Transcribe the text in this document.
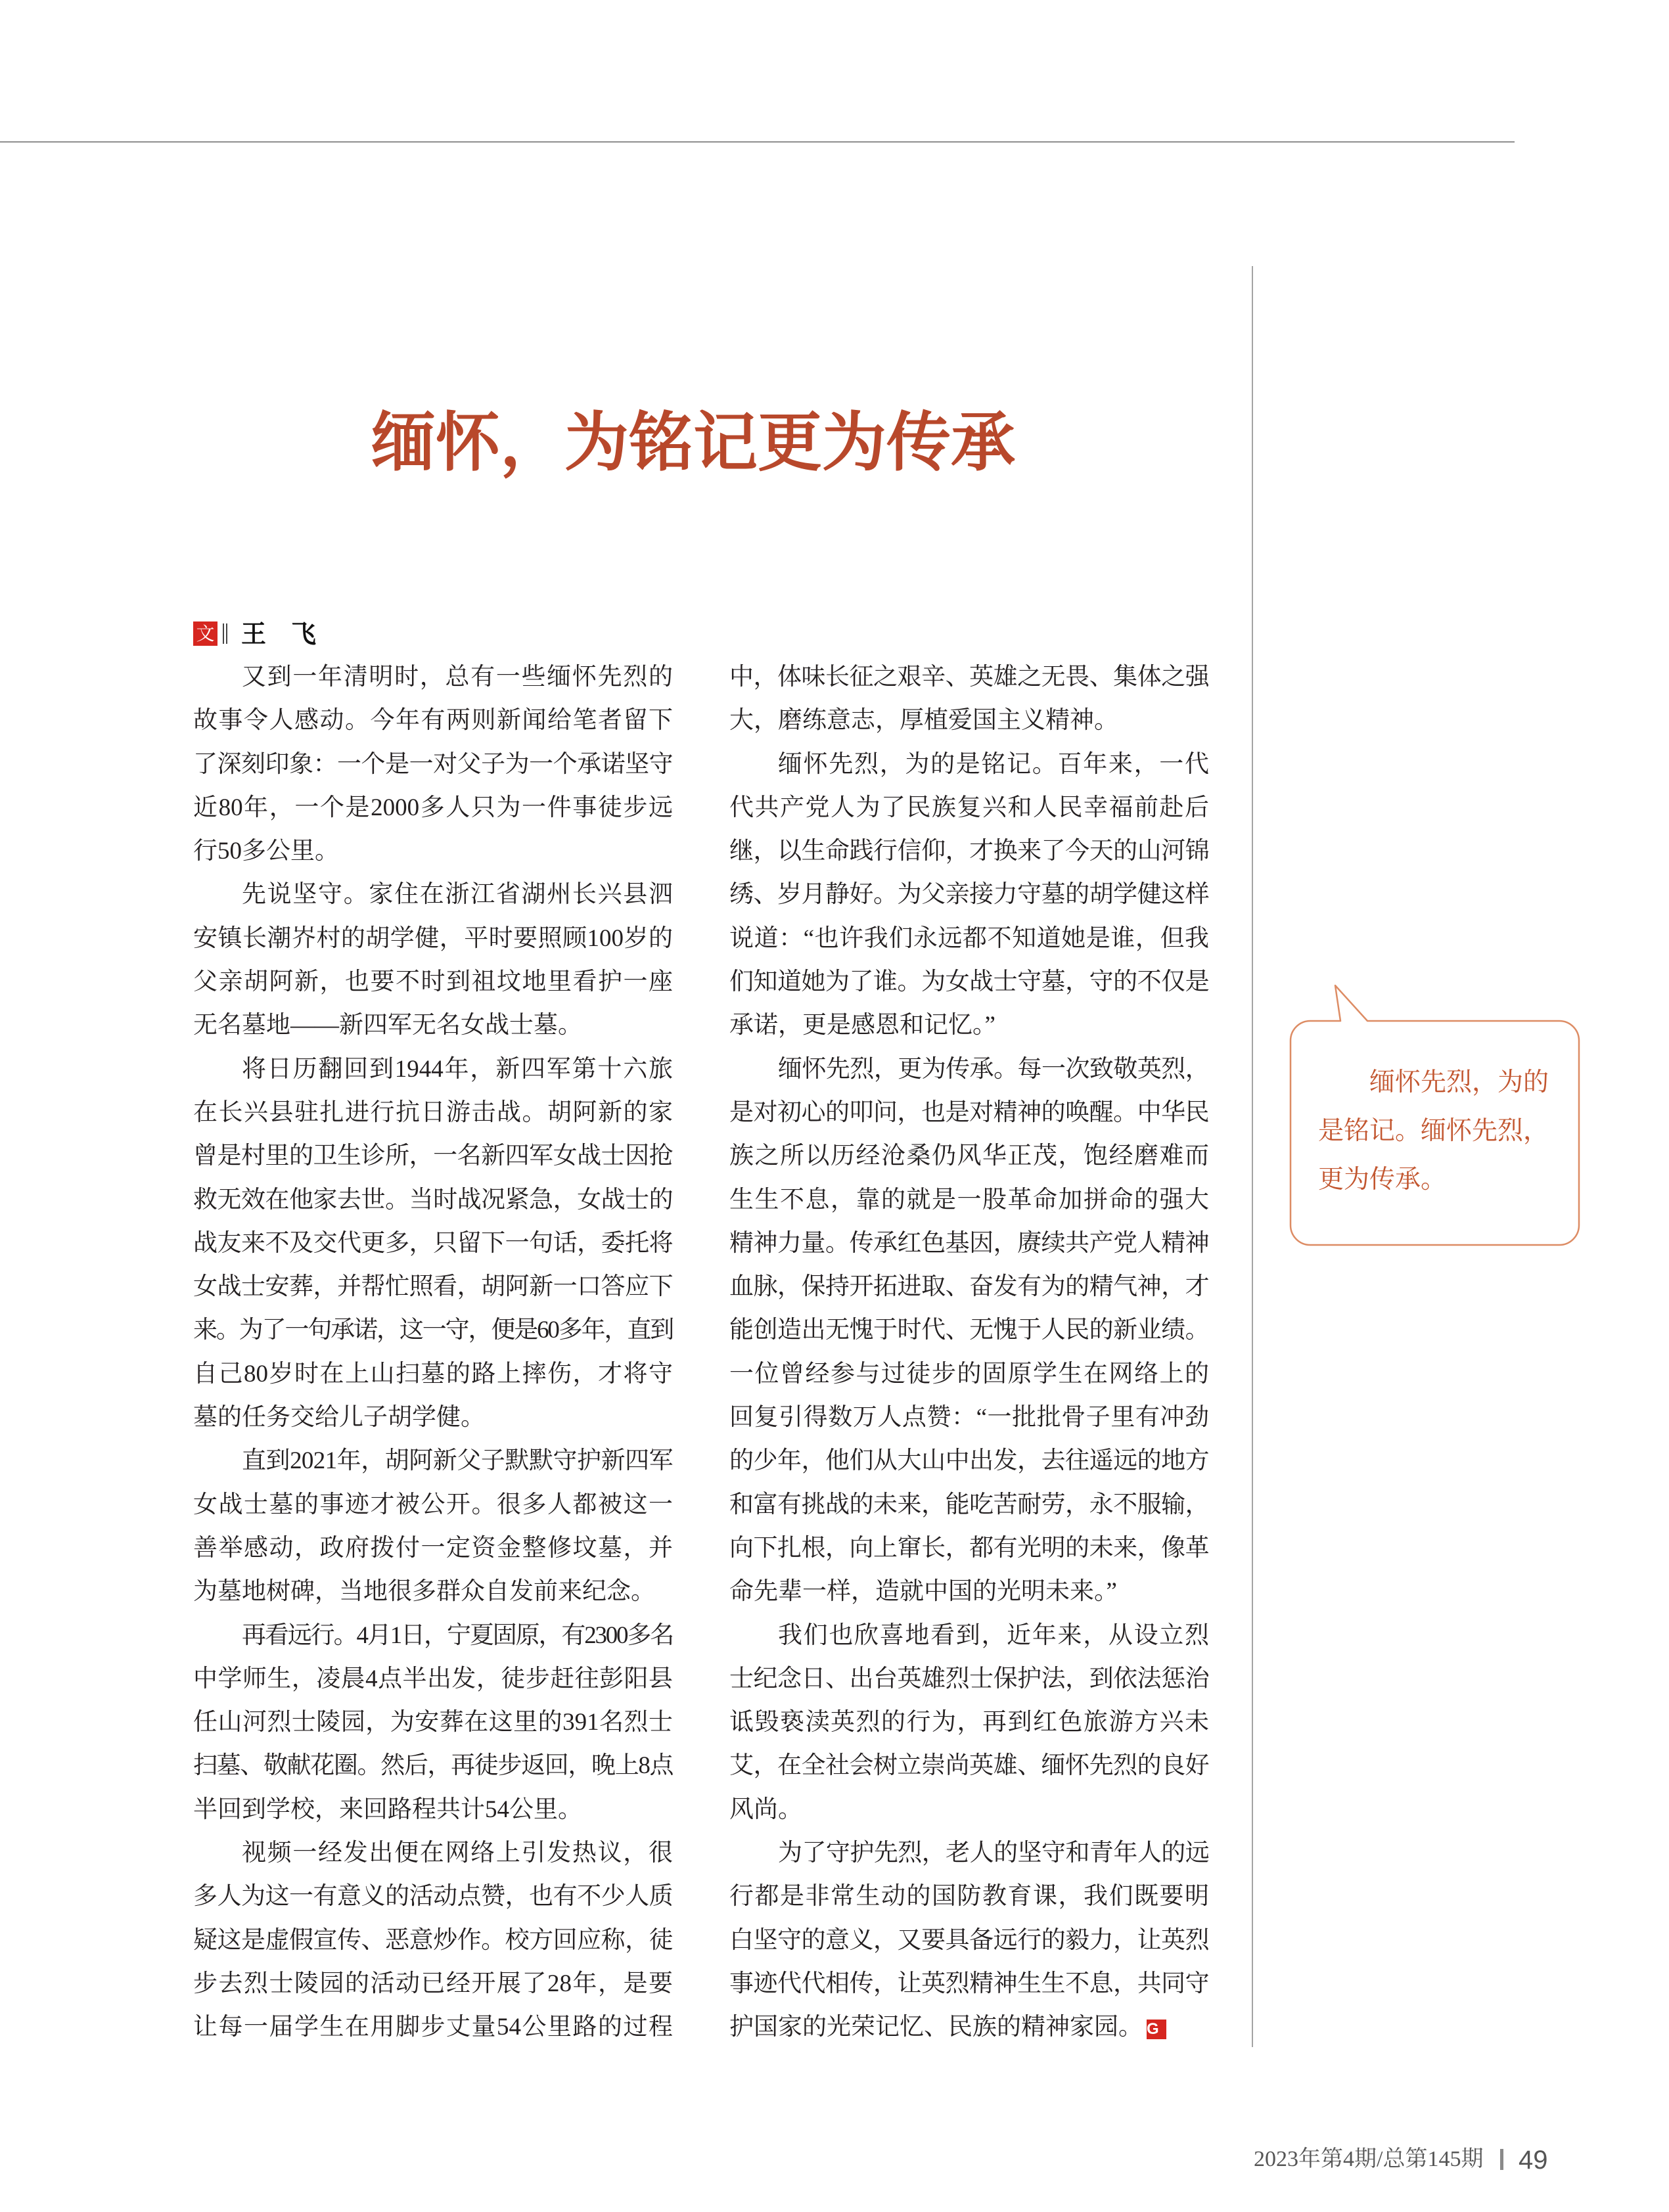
缅怀，为铭记更为传承
文 王　飞
又到一年清明时，总有一些缅怀先烈的
故事令人感动。今年有两则新闻给笔者留下
了深刻印象：一个是一对父子为一个承诺坚守
近80年，一个是2000多人只为一件事徒步远
行50多公里。
先说坚守。家住在浙江省湖州长兴县泗
安镇长潮岕村的胡学健，平时要照顾100岁的
父亲胡阿新，也要不时到祖坟地里看护一座
无名墓地——新四军无名女战士墓。
将日历翻回到1944年，新四军第十六旅
在长兴县驻扎进行抗日游击战。胡阿新的家
曾是村里的卫生诊所，一名新四军女战士因抢
救无效在他家去世。当时战况紧急，女战士的
战友来不及交代更多，只留下一句话，委托将
女战士安葬，并帮忙照看，胡阿新一口答应下
来。为了一句承诺，这一守，便是60多年，直到
自己80岁时在上山扫墓的路上摔伤，才将守
墓的任务交给儿子胡学健。
直到2021年，胡阿新父子默默守护新四军
女战士墓的事迹才被公开。很多人都被这一
善举感动，政府拨付一定资金整修坟墓，并
为墓地树碑，当地很多群众自发前来纪念。
再看远行。4月1日，宁夏固原，有2300多名
中学师生，凌晨4点半出发，徒步赶往彭阳县
任山河烈士陵园，为安葬在这里的391名烈士
扫墓、敬献花圈。然后，再徒步返回，晚上8点
半回到学校，来回路程共计54公里。
视频一经发出便在网络上引发热议，很
多人为这一有意义的活动点赞，也有不少人质
疑这是虚假宣传、恶意炒作。校方回应称，徒
步去烈士陵园的活动已经开展了28年，是要
让每一届学生在用脚步丈量54公里路的过程
中，体味长征之艰辛、英雄之无畏、集体之强
大，磨练意志，厚植爱国主义精神。
缅怀先烈，为的是铭记。百年来，一代
代共产党人为了民族复兴和人民幸福前赴后
继，以生命践行信仰，才换来了今天的山河锦
绣、岁月静好。为父亲接力守墓的胡学健这样
说道：“也许我们永远都不知道她是谁，但我
们知道她为了谁。为女战士守墓，守的不仅是
承诺，更是感恩和记忆。”
缅怀先烈，更为传承。每一次致敬英烈，
是对初心的叩问，也是对精神的唤醒。中华民
族之所以历经沧桑仍风华正茂，饱经磨难而
生生不息，靠的就是一股革命加拼命的强大
精神力量。传承红色基因，赓续共产党人精神
血脉，保持开拓进取、奋发有为的精气神，才
能创造出无愧于时代、无愧于人民的新业绩。
一位曾经参与过徒步的固原学生在网络上的
回复引得数万人点赞：“一批批骨子里有冲劲
的少年，他们从大山中出发，去往遥远的地方
和富有挑战的未来，能吃苦耐劳，永不服输，
向下扎根，向上窜长，都有光明的未来，像革
命先辈一样，造就中国的光明未来。”
我们也欣喜地看到，近年来，从设立烈
士纪念日、出台英雄烈士保护法，到依法惩治
诋毁亵渎英烈的行为，再到红色旅游方兴未
艾，在全社会树立崇尚英雄、缅怀先烈的良好
风尚。
为了守护先烈，老人的坚守和青年人的远
行都是非常生动的国防教育课，我们既要明
白坚守的意义，又要具备远行的毅力，让英烈
事迹代代相传，让英烈精神生生不息，共同守
护国家的光荣记忆、民族的精神家园。 G
缅怀先烈，为的
是铭记。缅怀先烈，
更为传承。
2023年第4期/总第145期 49
